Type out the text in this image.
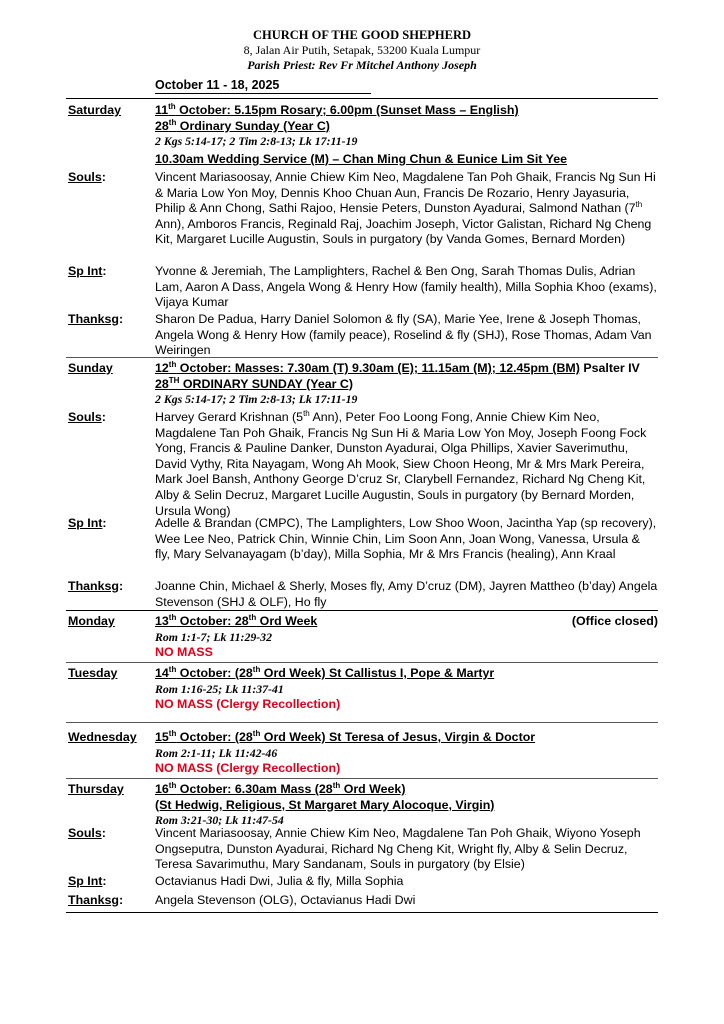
CHURCH OF THE GOOD SHEPHERD
8, Jalan Air Putih, Setapak, 53200 Kuala Lumpur
Parish Priest: Rev Fr Mitchel Anthony Joseph
October 11 - 18, 2025
Saturday	11th October: 5.15pm Rosary; 6.00pm (Sunset Mass – English)
28th Ordinary Sunday (Year C)
2 Kgs 5:14-17; 2 Tim 2:8-13; Lk 17:11-19
10.30am Wedding Service (M) – Chan Ming Chun & Eunice Lim Sit Yee
Souls:	Vincent Mariasoosay, Annie Chiew Kim Neo, Magdalene Tan Poh Ghaik, Francis Ng Sun Hi & Maria Low Yon Moy, Dennis Khoo Chuan Aun, Francis De Rozario, Henry Jayasuria, Philip & Ann Chong, Sathi Rajoo, Hensie Peters, Dunston Ayadurai, Salmond Nathan (7th Ann), Amboros Francis, Reginald Raj, Joachim Joseph, Victor Galistan, Richard Ng Cheng Kit, Margaret Lucille Augustin, Souls in purgatory (by Vanda Gomes, Bernard Morden)
Sp Int:	Yvonne & Jeremiah, The Lamplighters, Rachel & Ben Ong, Sarah Thomas Dulis, Adrian Lam, Aaron A Dass, Angela Wong & Henry How (family health), Milla Sophia Khoo (exams), Vijaya Kumar
Thanksg:	Sharon De Padua, Harry Daniel Solomon & fly (SA), Marie Yee, Irene & Joseph Thomas, Angela Wong & Henry How (family peace), Roselind & fly (SHJ), Rose Thomas, Adam Van Weiringen
Sunday	12th October: Masses: 7.30am (T) 9.30am (E); 11.15am (M); 12.45pm (BM) Psalter IV
28TH ORDINARY SUNDAY (Year C)
2 Kgs 5:14-17; 2 Tim 2:8-13; Lk 17:11-19
Souls:	Harvey Gerard Krishnan (5th Ann), Peter Foo Loong Fong, Annie Chiew Kim Neo, Magdalene Tan Poh Ghaik, Francis Ng Sun Hi & Maria Low Yon Moy, Joseph Foong Fock Yong, Francis & Pauline Danker, Dunston Ayadurai, Olga Phillips, Xavier Saverimuthu, David Vythy, Rita Nayagam, Wong Ah Mook, Siew Choon Heong, Mr & Mrs Mark Pereira, Mark Joel Bansh, Anthony George D’cruz Sr, Clarybell Fernandez, Richard Ng Cheng Kit, Alby & Selin Decruz, Margaret Lucille Augustin, Souls in purgatory (by Bernard Morden, Ursula Wong)
Sp Int:	Adelle & Brandan (CMPC), The Lamplighters, Low Shoo Woon, Jacintha Yap (sp recovery), Wee Lee Neo, Patrick Chin, Winnie Chin, Lim Soon Ann, Joan Wong, Vanessa, Ursula & fly, Mary Selvanayagam (b’day), Milla Sophia, Mr & Mrs Francis (healing), Ann Kraal
Thanksg:	Joanne Chin, Michael & Sherly, Moses fly, Amy D’cruz (DM), Jayren Mattheo (b’day) Angela Stevenson (SHJ & OLF), Ho fly
Monday	13th October: 28th Ord Week	(Office closed)
Rom 1:1-7; Lk 11:29-32
NO MASS
Tuesday	14th October: (28th Ord Week) St Callistus I, Pope & Martyr
Rom 1:16-25; Lk 11:37-41
NO MASS (Clergy Recollection)
Wednesday	15th October: (28th Ord Week) St Teresa of Jesus, Virgin & Doctor
Rom 2:1-11; Lk 11:42-46
NO MASS (Clergy Recollection)
Thursday	16th October: 6.30am Mass (28th Ord Week)
(St Hedwig, Religious, St Margaret Mary Alocoque, Virgin)
Rom 3:21-30; Lk 11:47-54
Souls:	Vincent Mariasoosay, Annie Chiew Kim Neo, Magdalene Tan Poh Ghaik, Wiyono Yoseph Ongseputra, Dunston Ayadurai, Richard Ng Cheng Kit, Wright fly, Alby & Selin Decruz, Teresa Savarimuthu, Mary Sandanam, Souls in purgatory (by Elsie)
Sp Int:	Octavianus Hadi Dwi, Julia & fly, Milla Sophia
Thanksg:	Angela Stevenson (OLG), Octavianus Hadi Dwi
